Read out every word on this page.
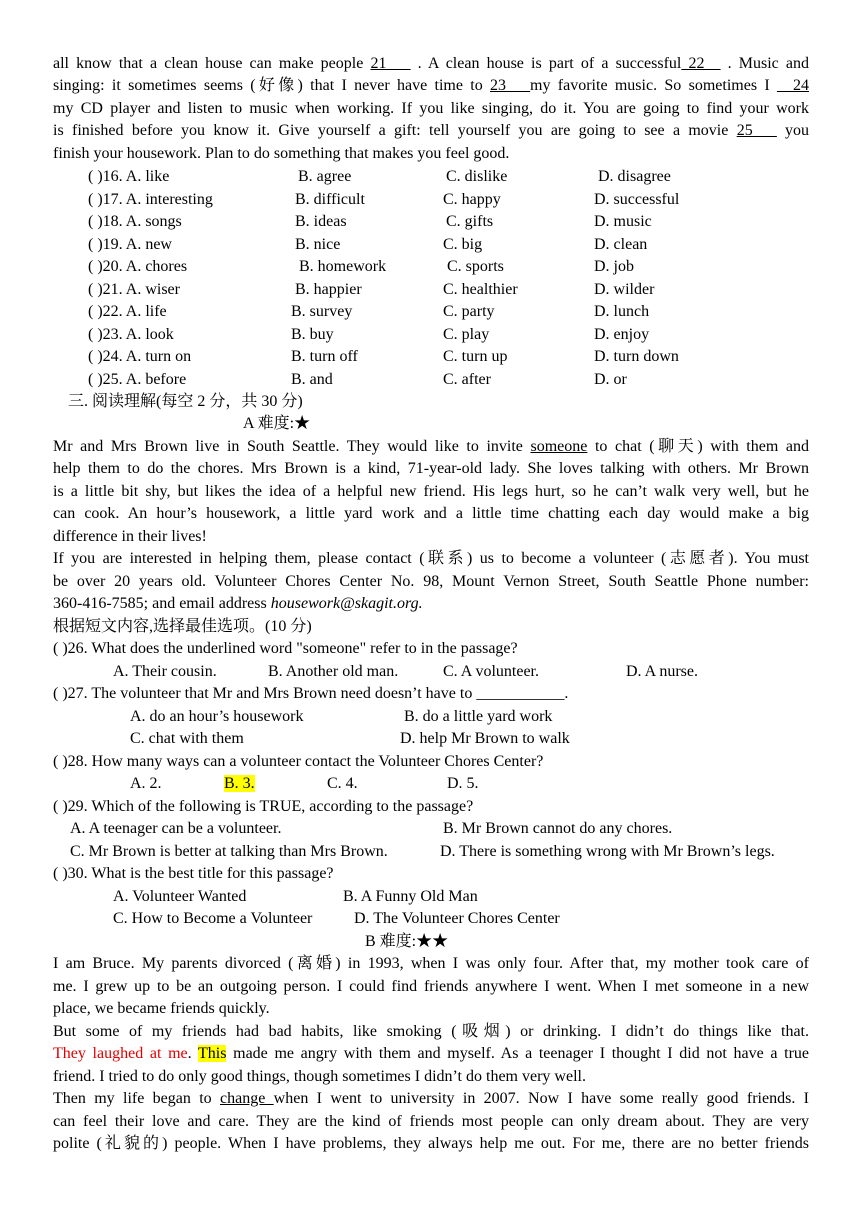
all know that a clean house can make people 21___ . A clean house is part of a successful 22__ . Music and
singing: it sometimes seems (好像) that I never have time to 23___my favorite music. So sometimes I __24
my CD player and listen to music when working. If you like singing, do it. You are going to find your work
is finished before you know it. Give yourself a gift: tell yourself you are going to see a movie 25___ you
finish your housework. Plan to do something that makes you feel good.
( )16. A. like	B. agree	C. dislike	D. disagree
( )17. A. interesting	B. difficult	C. happy	D. successful
( )18. A. songs	B. ideas	C. gifts	D. music
( )19. A. new	B. nice	C. big	D. clean
( )20. A. chores	B. homework	C. sports	D. job
( )21. A. wiser	B. happier	C. healthier	D. wilder
( )22. A. life	B. survey	C. party	D. lunch
( )23. A. look	B. buy	C. play	D. enjoy
( )24. A. turn on	B. turn off	C. turn up	D. turn down
( )25. A. before	B. and	C. after	D. or
三. 阅读理解(每空 2 分，共 30 分)
A 难度:★
Mr and Mrs Brown live in South Seattle. They would like to invite someone to chat (聊天) with them and
help them to do the chores. Mrs Brown is a kind, 71-year-old lady. She loves talking with others. Mr Brown
is a little bit shy, but likes the idea of a helpful new friend. His legs hurt, so he can’t walk very well, but he
can cook. An hour’s housework, a little yard work and a little time chatting each day would make a big
difference in their lives!
If you are interested in helping them, please contact (联系) us to become a volunteer (志愿者). You must
be over 20 years old. Volunteer Chores Center No. 98, Mount Vernon Street, South Seattle Phone number:
360-416-7585; and email address housework@skagit.org.
根据短文内容,选择最佳选项。(10 分)
( )26. What does the underlined word "someone" refer to in the passage?
A. Their cousin.	B. Another old man.	C. A volunteer.	D. A nurse.
( )27. The volunteer that Mr and Mrs Brown need doesn’t have to ___________.
A. do an hour’s housework	B. do a little yard work
C. chat with them	D. help Mr Brown to walk
( )28. How many ways can a volunteer contact the Volunteer Chores Center?
A. 2.	B. 3.	C. 4.	D. 5.
( )29. Which of the following is TRUE, according to the passage?
A. A teenager can be a volunteer.	B. Mr Brown cannot do any chores.
C. Mr Brown is better at talking than Mrs Brown.	D. There is something wrong with Mr Brown’s legs.
( )30. What is the best title for this passage?
A. Volunteer Wanted	B. A Funny Old Man
C. How to Become a Volunteer	D. The Volunteer Chores Center
B 难度:★★
I am Bruce. My parents divorced (离婚) in 1993, when I was only four. After that, my mother took care of
me. I grew up to be an outgoing person. I could find friends anywhere I went. When I met someone in a new
place, we became friends quickly.
But some of my friends had bad habits, like smoking (吸烟) or drinking. I didn’t do things like that.
They laughed at me. This made me angry with them and myself. As a teenager I thought I did not have a true
friend. I tried to do only good things, though sometimes I didn’t do them very well.
Then my life began to change when I went to university in 2007. Now I have some really good friends. I
can feel their love and care. They are the kind of friends most people can only dream about. They are very
polite (礼貌的) people. When I have problems, they always help me out. For me, there are no better friends
